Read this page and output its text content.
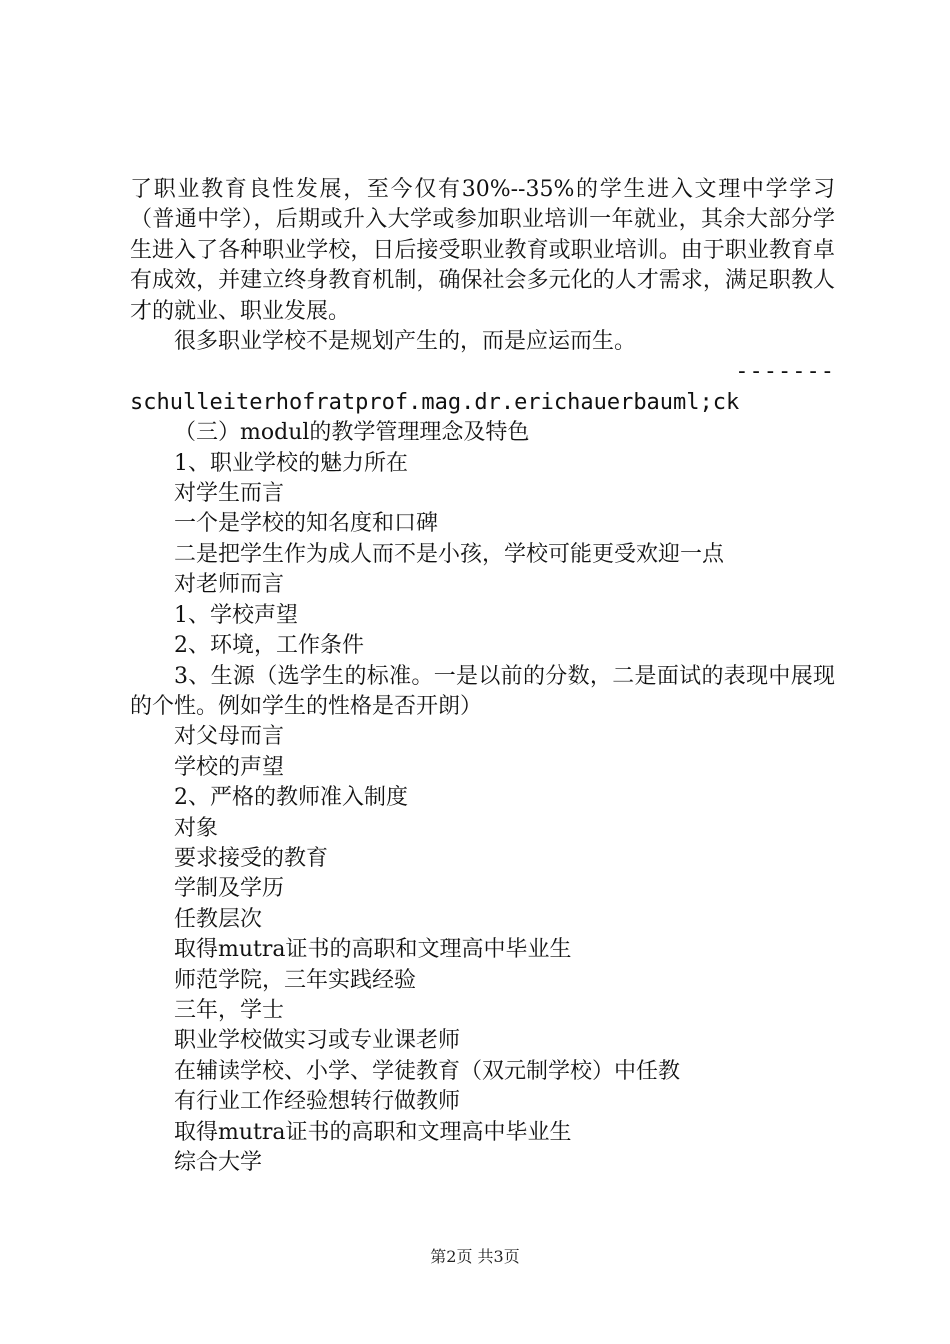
了职业教育良性发展，至今仅有30%--35%的学生进入文理中学学习（普通中学），后期或升入大学或参加职业培训一年就业，其余大部分学生进入了各种职业学校，日后接受职业教育或职业培训。由于职业教育卓有成效，并建立终身教育机制，确保社会多元化的人才需求，满足职教人才的就业、职业发展。

很多职业学校不是规划产生的，而是应运而生。

-------

schulleiterhofratprof.mag.dr.erichauerbauml;ck

（三）modul的教学管理理念及特色

1、职业学校的魅力所在

对学生而言

一个是学校的知名度和口碑

二是把学生作为成人而不是小孩，学校可能更受欢迎一点

对老师而言

1、学校声望

2、环境，工作条件

3、生源（选学生的标准。一是以前的分数，二是面试的表现中展现的个性。例如学生的性格是否开朗）

对父母而言

学校的声望

2、严格的教师准入制度

对象

要求接受的教育

学制及学历

任教层次

取得mutra证书的高职和文理高中毕业生

师范学院，三年实践经验

三年，学士

职业学校做实习或专业课老师

在辅读学校、小学、学徒教育（双元制学校）中任教

有行业工作经验想转行做教师

取得mutra证书的高职和文理高中毕业生

综合大学

第2页 共3页
